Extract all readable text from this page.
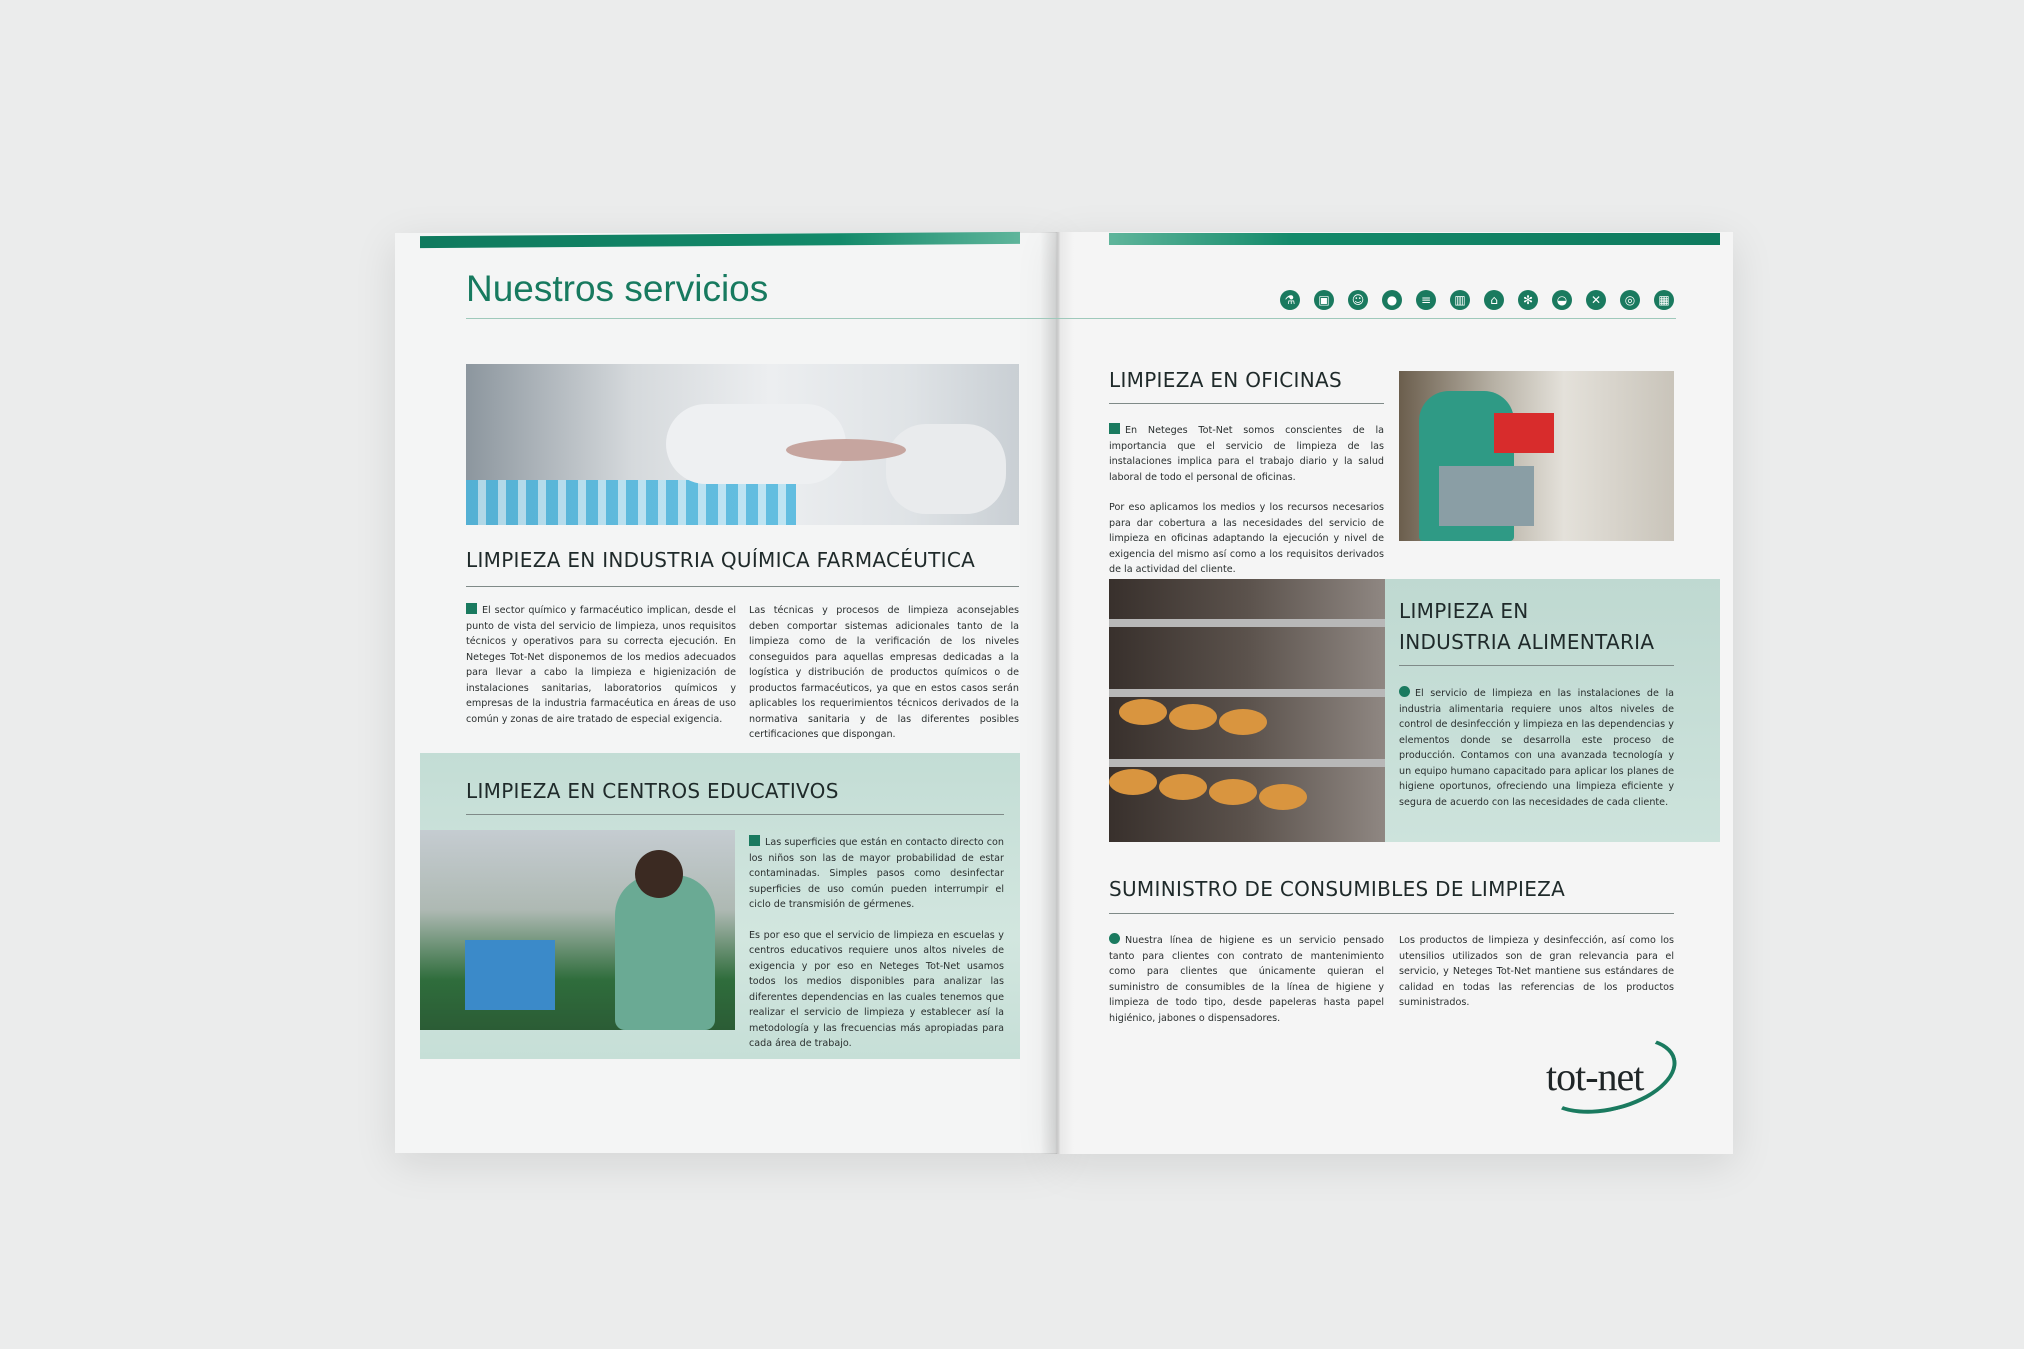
Nuestros servicios	⚗	▣	☺	●	≡	▥	⌂	✻	◒	✕	◎	▦
LIMPIEZA EN INDUSTRIA QUÍMICA FARMACÉUTICA
El sector químico y farmacéutico implican, desde el punto de vista del servicio de limpieza, unos requisitos técnicos y operativos para su correcta ejecución. En Neteges Tot-Net disponemos de los medios adecuados para llevar a cabo la limpieza e higienización de instalaciones sanitarias, laboratorios químicos y empresas de la industria farmacéutica en áreas de uso común y zonas de aire tratado de especial exigencia.
Las técnicas y procesos de limpieza aconsejables deben comportar sistemas adicionales tanto de la limpieza como de la verificación de los niveles conseguidos para aquellas empresas dedicadas a la logística y distribución de productos químicos o de productos farmacéuticos, ya que en estos casos serán aplicables los requerimientos técnicos derivados de la normativa sanitaria y de las diferentes posibles certificaciones que dispongan.
LIMPIEZA EN CENTROS EDUCATIVOS

Las superficies que están en contacto directo con los niños son las de mayor probabilidad de estar contaminadas. Simples pasos como desinfectar superficies de uso común pueden interrumpir el ciclo de transmisión de gérmenes.

Es por eso que el servicio de limpieza en escuelas y centros educativos requiere unos altos niveles de exigencia y por eso en Neteges Tot-Net usamos todos los medios disponibles para analizar las diferentes dependencias en las cuales tenemos que realizar el servicio de limpieza y establecer así la metodología y las frecuencias más apropiadas para cada área de trabajo.

LIMPIEZA EN OFICINAS

En Neteges Tot-Net somos conscientes de la importancia que el servicio de limpieza de las instalaciones implica para el trabajo diario y la salud laboral de todo el personal de oficinas.

Por eso aplicamos los medios y los recursos necesarios para dar cobertura a las necesidades del servicio de limpieza en oficinas adaptando la ejecución y nivel de exigencia del mismo así como a los requisitos derivados de la actividad del cliente.

LIMPIEZA EN
INDUSTRIA ALIMENTARIA
El servicio de limpieza en las instalaciones de la industria alimentaria requiere unos altos niveles de control de desinfección y limpieza en las dependencias y elementos donde se desarrolla este proceso de producción. Contamos con una avanzada tecnología y un equipo humano capacitado para aplicar los planes de higiene oportunos, ofreciendo una limpieza eficiente y segura de acuerdo con las necesidades de cada cliente.
SUMINISTRO DE CONSUMIBLES DE LIMPIEZA
Nuestra línea de higiene es un servicio pensado tanto para clientes con contrato de mantenimiento como para clientes que únicamente quieran el suministro de consumibles de la línea de higiene y limpieza de todo tipo, desde papeleras hasta papel higiénico, jabones o dispensadores.
Los productos de limpieza y desinfección, así como los utensilios utilizados son de gran relevancia para el servicio, y Neteges Tot-Net mantiene sus estándares de calidad en todas las referencias de los productos suministrados.
tot-net
